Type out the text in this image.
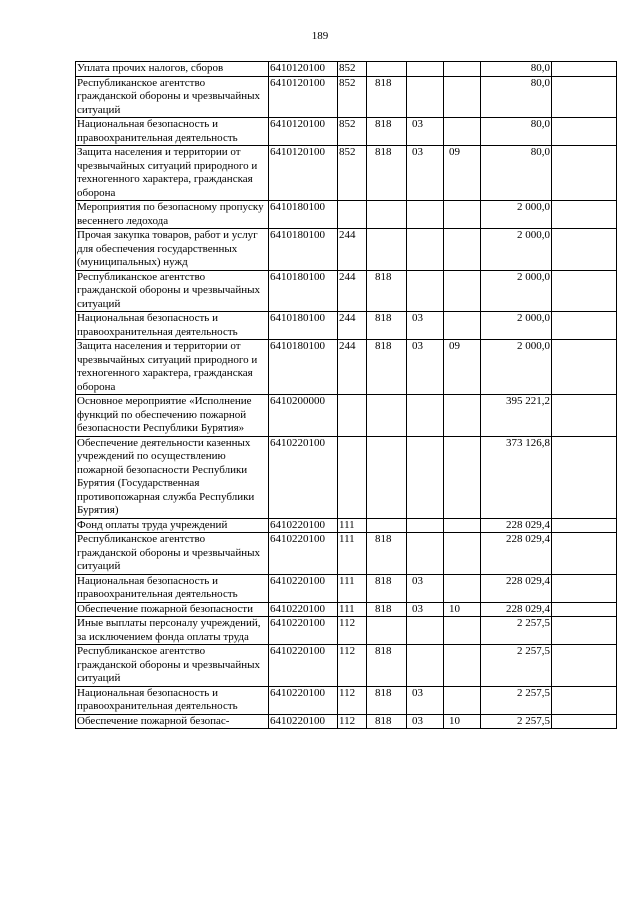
189
Уплата прочих налогов, сборов	6410120100	852				80,0	
Республиканское агентство гражданской обороны и чрезвычайных ситуаций	6410120100	852	818			80,0	
Национальная безопасность и правоохранительная деятельность	6410120100	852	818	03		80,0	
Защита населения и территории от чрезвычайных ситуаций природного и техногенного характера, гражданская оборона	6410120100	852	818	03	09	80,0	
Мероприятия по безопасному пропуску весеннего ледохода	6410180100					2 000,0	
Прочая закупка товаров, работ и услуг для обеспечения государственных (муниципальных) нужд	6410180100	244				2 000,0	
Республиканское агентство гражданской обороны и чрезвычайных ситуаций	6410180100	244	818			2 000,0	
Национальная безопасность и правоохранительная деятельность	6410180100	244	818	03		2 000,0	
Защита населения и территории от чрезвычайных ситуаций природного и техногенного характера, гражданская оборона	6410180100	244	818	03	09	2 000,0	
Основное мероприятие «Исполнение функций по обеспечению пожарной безопасности Республики Бурятия»	6410200000					395 221,2	
Обеспечение деятельности казенных учреждений по осуществлению пожарной безопасности Республики Бурятия (Государственная противопожарная служба Республики Бурятия)	6410220100					373 126,8	
Фонд оплаты труда учреждений	6410220100	111				228 029,4	
Республиканское агентство гражданской обороны и чрезвычайных ситуаций	6410220100	111	818			228 029,4	
Национальная безопасность и правоохранительная деятельность	6410220100	111	818	03		228 029,4	
Обеспечение пожарной безопасности	6410220100	111	818	03	10	228 029,4	
Иные выплаты персоналу учреждений, за исключением фонда оплаты труда	6410220100	112				2 257,5	
Республиканское агентство гражданской обороны и чрезвычайных ситуаций	6410220100	112	818			2 257,5	
Национальная безопасность и правоохранительная деятельность	6410220100	112	818	03		2 257,5	
Обеспечение пожарной безопас-	6410220100	112	818	03	10	2 257,5	
